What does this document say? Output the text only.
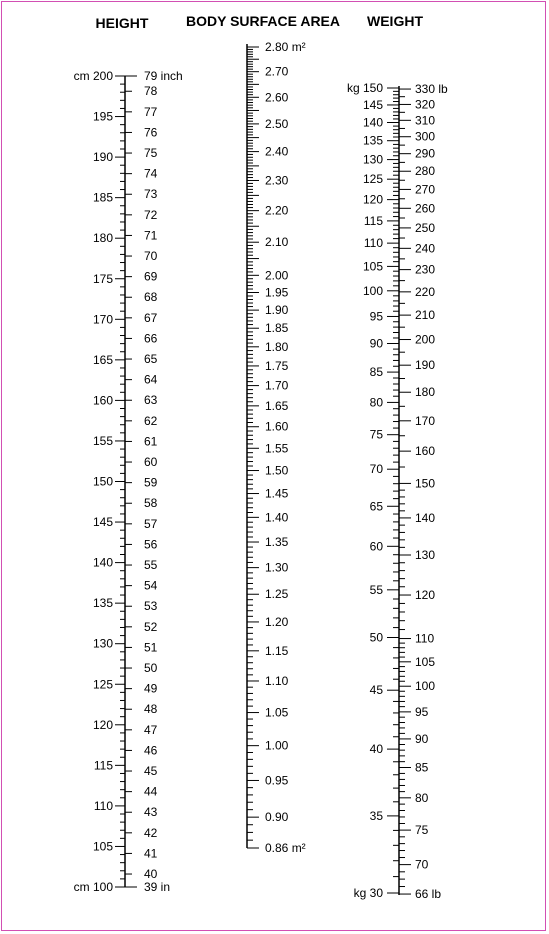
HEIGHT	BODY SURFACE AREA WEIGHT
cm 200
cm 100
195
190
185
180
175
170
165
160
155
150
145
140
135
130
125
120
115
110
105
79 inch
39 in
78
77
76
75
74
73
72
71
70
69
68
67
66
65
64
63
62
61
60
59
58
57
56
55
54
53
52
51
50
49
48
47
46
45
44
43
42
41
40
2.80 m²
0.86 m²
2.70
2.60
2.50
2.40
2.30
2.20
2.10
2.00
1.95
1.90
1.85
1.80
1.75
1.70
1.65
1.60
1.55
1.50
1.45
1.40
1.35
1.30
1.25
1.20
1.15
1.10
1.05
1.00
0.95
0.90
kg 150
kg 30
145
140
135
130
125
120
115
110
105
100
95
90
85
80
75
70
65
60
55
50
45
40
35
330 lb
66 lb
320
310
300
290
280
270
260
250
240
230
220
210
200
190
180
170
160
150
140
130
120
110
105
100
95
90
85
80
75
70
